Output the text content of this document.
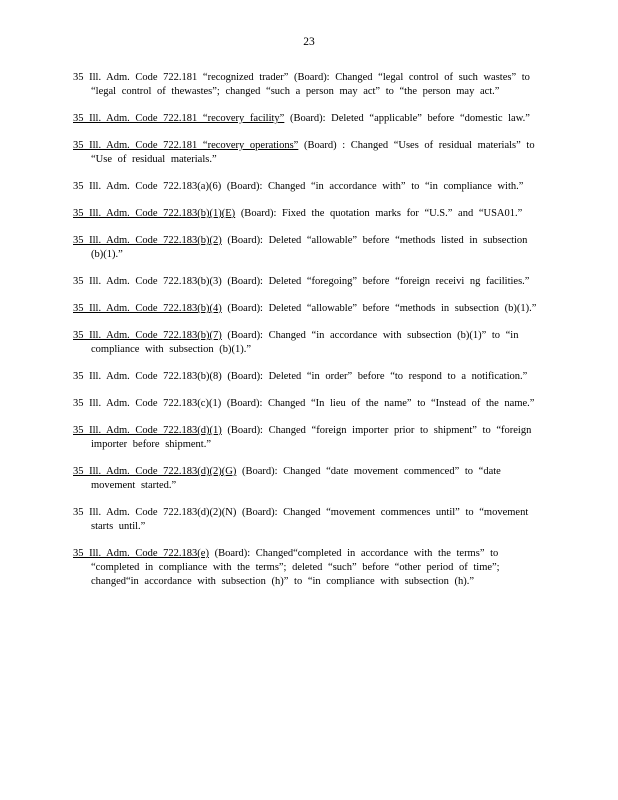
23
35 Ill. Adm. Code 722.181 “recognized trader” (Board): Changed “legal control of such wastes” to “legal control of thewastes”; changed “such a person may act” to “the person may act.”
35 Ill. Adm. Code 722.181 “recovery facility” (Board): Deleted “applicable” before “domestic law.”
35 Ill. Adm. Code 722.181 “recovery operations” (Board) : Changed “Uses of residual materials” to “Use of residual materials.”
35 Ill. Adm. Code 722.183(a)(6) (Board): Changed “in accordance with” to “in compliance with.”
35 Ill. Adm. Code 722.183(b)(1)(E) (Board): Fixed the quotation marks for “U.S.” and “USA01.”
35 Ill. Adm. Code 722.183(b)(2) (Board): Deleted “allowable” before “methods listed in subsection (b)(1).”
35 Ill. Adm. Code 722.183(b)(3) (Board): Deleted “foregoing” before “foreign receivi ng facilities.”
35 Ill. Adm. Code 722.183(b)(4) (Board): Deleted “allowable” before “methods in subsection (b)(1).”
35 Ill. Adm. Code 722.183(b)(7) (Board): Changed “in accordance with subsection (b)(1)” to “in compliance with subsection (b)(1).”
35 Ill. Adm. Code 722.183(b)(8) (Board): Deleted “in order” before “to respond to a notification.”
35 Ill. Adm. Code 722.183(c)(1) (Board): Changed “In lieu of the name” to “Instead of the name.”
35 Ill. Adm. Code 722.183(d)(1) (Board): Changed “foreign importer prior to shipment” to “foreign importer before shipment.”
35 Ill. Adm. Code 722.183(d)(2)(G) (Board): Changed “date movement commenced” to “date movement started.”
35 Ill. Adm. Code 722.183(d)(2)(N) (Board): Changed “movement commences until” to “movement starts until.”
35 Ill. Adm. Code 722.183(e) (Board): Changed“completed in accordance with the terms” to “completed in compliance with the terms”; deleted “such” before “other period of time”; changed“in accordance with subsection (h)” to “in compliance with subsection (h).”
